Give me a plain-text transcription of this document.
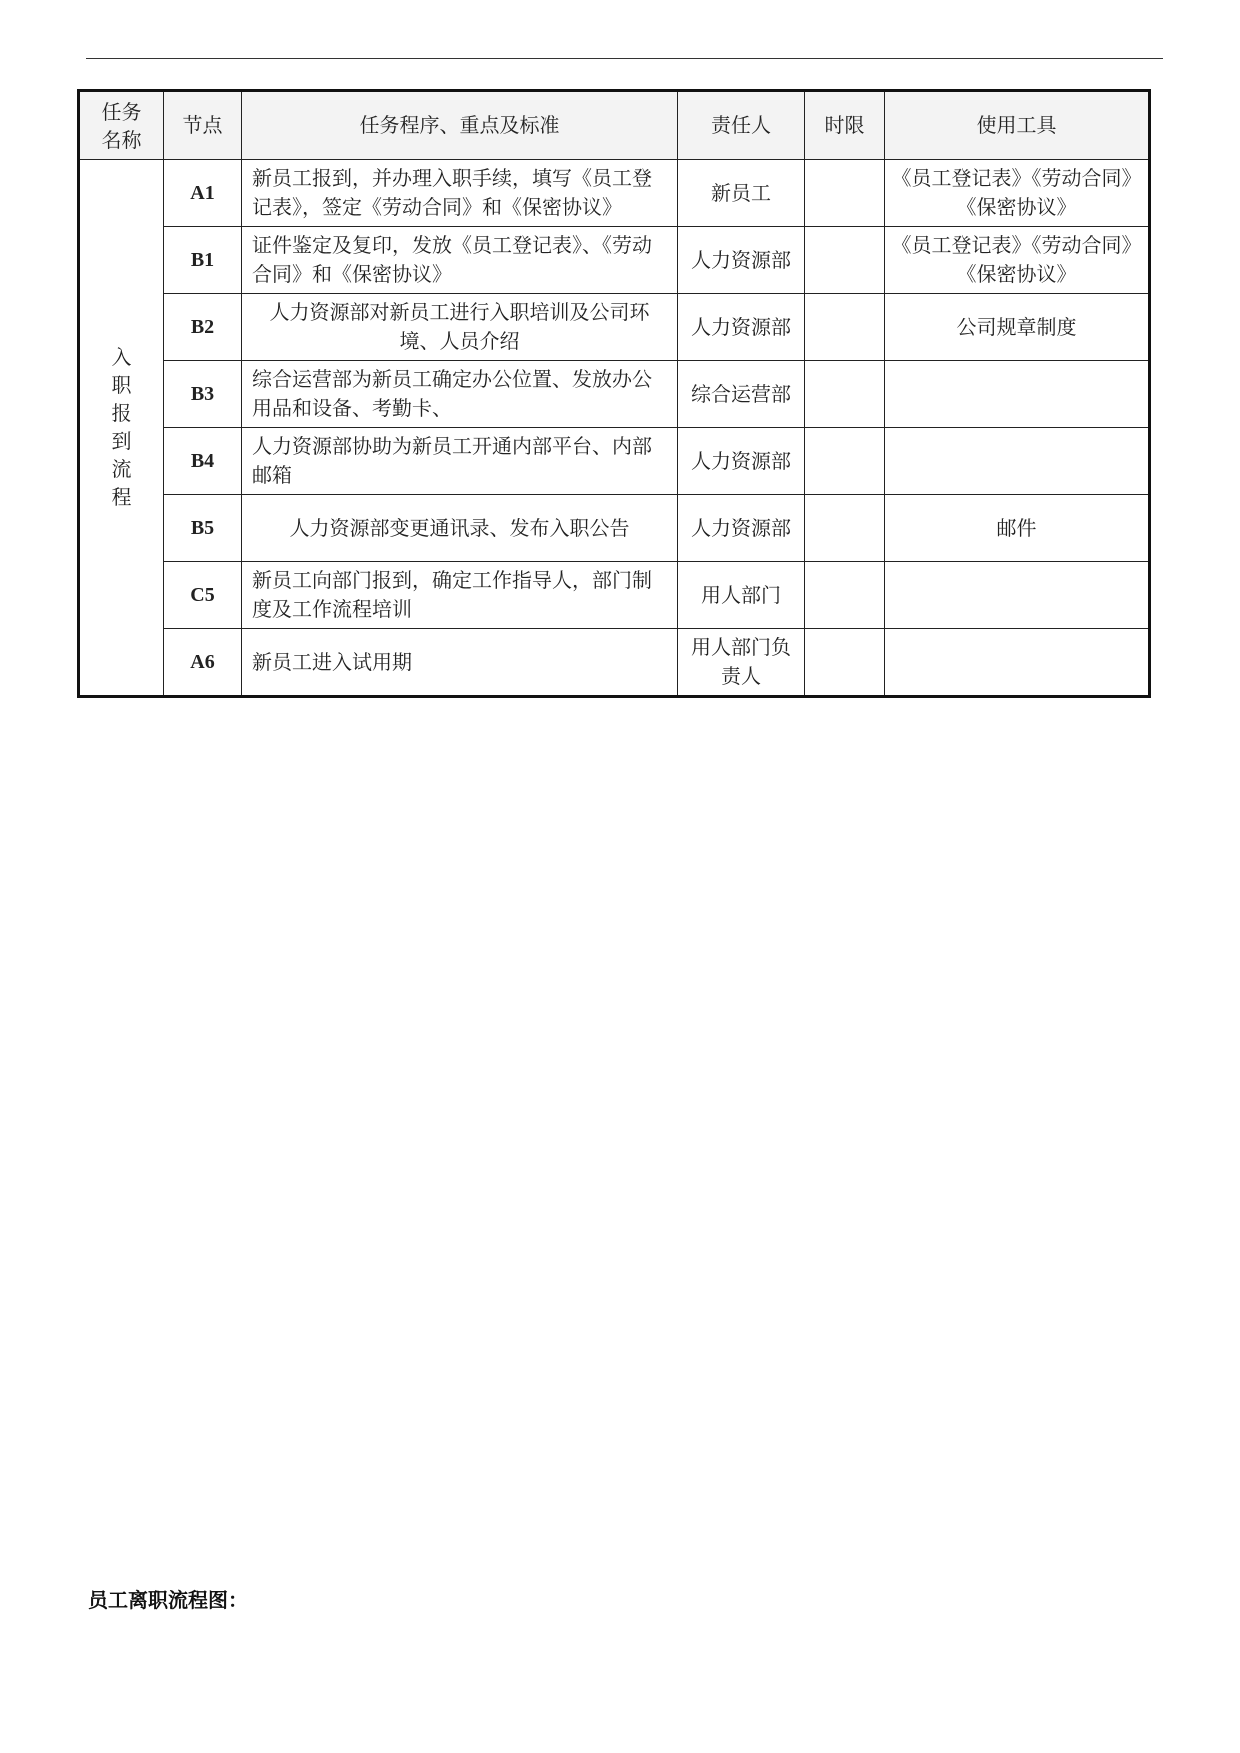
任务名称	节点	任务程序、重点及标准	责任人	时限	使用工具
入职报到流程	A1	新员工报到，并办理入职手续，填写《员工登记表》，签定《劳动合同》和《保密协议》	新员工		《员工登记表》《劳动合同》《保密协议》
	B1	证件鉴定及复印，发放《员工登记表》、《劳动合同》和《保密协议》	人力资源部		《员工登记表》《劳动合同》《保密协议》
	B2	人力资源部对新员工进行入职培训及公司环境、人员介绍	人力资源部		公司规章制度
	B3	综合运营部为新员工确定办公位置、发放办公用品和设备、考勤卡、	综合运营部		
	B4	人力资源部协助为新员工开通内部平台、内部邮箱	人力资源部		
	B5	人力资源部变更通讯录、发布入职公告	人力资源部		邮件
	C5	新员工向部门报到，确定工作指导人，部门制度及工作流程培训	用人部门		
	A6	新员工进入试用期	用人部门负责人		
员工离职流程图：
